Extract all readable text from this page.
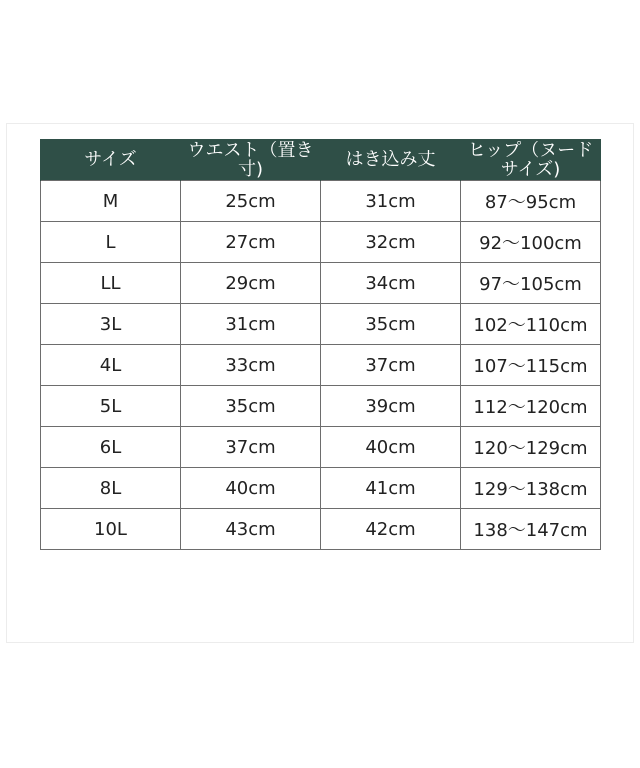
サイズ	ウエスト（置き寸)	はき込み丈	ヒップ（ヌードサイズ)

M	25cm	31cm	87～95cm
L	27cm	32cm	92～100cm
LL	29cm	34cm	97～105cm
3L	31cm	35cm	102～110cm
4L	33cm	37cm	107～115cm
5L	35cm	39cm	112～120cm
6L	37cm	40cm	120～129cm
8L	40cm	41cm	129～138cm
10L	43cm	42cm	138～147cm
